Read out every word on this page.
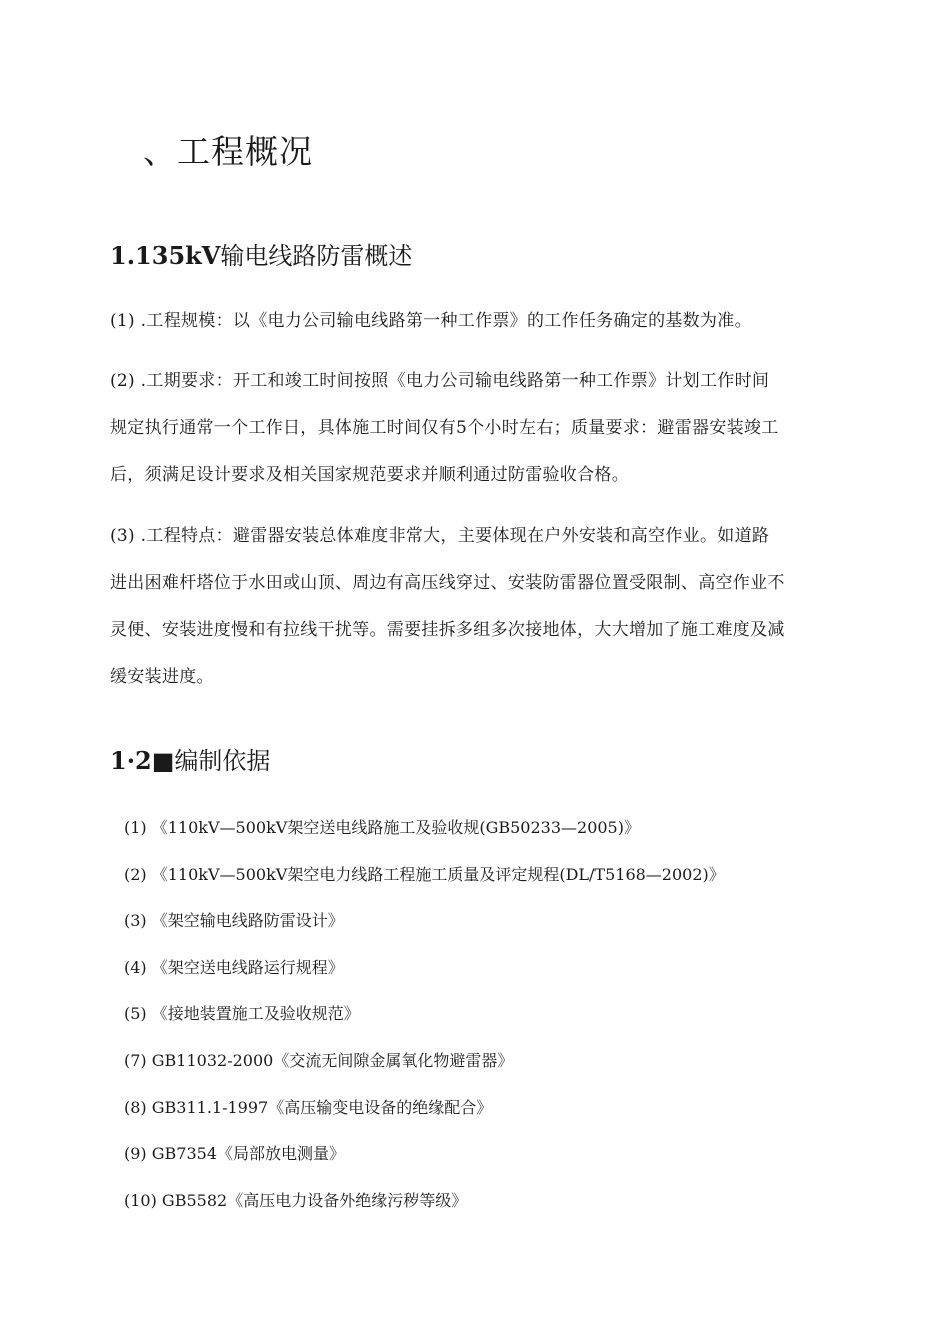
、工程概况
1.135kV输电线路防雷概述
(1) .工程规模：以《电力公司输电线路第一种工作票》的工作任务确定的基数为准。
(2) .工期要求：开工和竣工时间按照《电力公司输电线路第一种工作票》计划工作时间
规定执行通常一个工作日，具体施工时间仅有5个小时左右；质量要求：避雷器安装竣工
后，须满足设计要求及相关国家规范要求并顺利通过防雷验收合格。
(3) .工程特点：避雷器安装总体难度非常大，主要体现在户外安装和高空作业。如道路
进出困难杆塔位于水田或山顶、周边有高压线穿过、安装防雷器位置受限制、高空作业不
灵便、安装进度慢和有拉线干扰等。需要挂拆多组多次接地体，大大增加了施工难度及减
缓安装进度。
1·2■编制依据
(1) 《110kV—500kV架空送电线路施工及验收规(GB50233—2005)》
(2) 《110kV—500kV架空电力线路工程施工质量及评定规程(DL/T5168—2002)》
(3) 《架空输电线路防雷设计》
(4) 《架空送电线路运行规程》
(5) 《接地装置施工及验收规范》
(7) GB11032-2000《交流无间隙金属氧化物避雷器》
(8) GB311.1-1997《高压输变电设备的绝缘配合》
(9) GB7354《局部放电测量》
(10) GB5582《高压电力设备外绝缘污秽等级》
